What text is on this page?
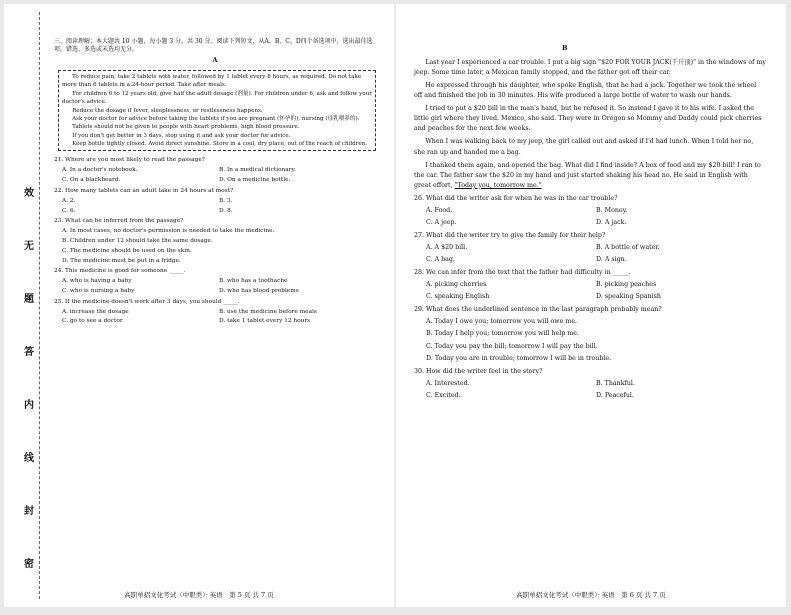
效
无
题
答
内
线
封
密
三、阅读理解：本大题共 10 小题，每小题 3 分，共 30 分。阅读下列短文，从A、B、C、D四个备选项中，选出最佳选项。错选、多选或未选均无分。
A

To reduce pain, take 2 tablets with water, followed by 1 tablet every 8 hours, as required. Do not take more than 6 tablets in a 24-hour period. Take after meals.

For children 6 to 12 years old, give half the adult dosage (剂量). For children under 6, ask and follow your doctor's advice.

Reduce the dosage if fever, sleeplessness, or restlessness happens.

Ask your doctor for advice before taking the tablets if you are pregnant (怀孕的), nursing (母乳喂养的).

Tablets should not be given to people with heart problems, high blood pressure.

If you don't get better in 3 days, stop using it and ask your doctor for advice.

Keep bottle tightly closed. Avoid direct sunshine. Store in a cool, dry place, out of the reach of children.

21. Where are you most likely to read the passage?
A. In a doctor's notebook.	B. In a medical dictionary.
C. On a blackboard.	D. On a medicine bottle.
22. How many tablets can an adult take in 24 hours at most?
A. 2.	B. 3.
C. 6.	D. 8.
23. What can be inferred from the passage?
A. In most cases, no doctor's permission is needed to take the medicine.
B. Children under 12 should take the same dosage.
C. The medicine should be used on the skin.
D. The medicine must be put in a fridge.
24. This medicine is good for someone _____.
A. who is having a baby	B. who has a toothache
C. who is nursing a baby	D. who has blood problems
25. If the medicine doesn't work after 3 days, you should _____.
A. increase the dosage	B. use the medicine before meals
C. go to see a doctor	D. take 1 tablet every 12 hours
高职单招文化考试（中职类）· 英语　第 5 页 共 7 页
B

Last year I experienced a car trouble. I put a big sign "$20 FOR YOUR JACK(千斤顶)" in the windows of my jeep. Some time later, a Mexican family stopped, and the father got off their car.

He expressed through his daughter, who spoke English, that he had a jack. Together we took the wheel off and finished the job in 30 minutes. His wife produced a large bottle of water to wash our hands.

I tried to put a $20 bill in the man's hand, but he refused it. So instead I gave it to his wife. I asked the little girl where they lived. Mexico, she said. They were in Oregon so Mommy and Daddy could pick cherries and peaches for the next few weeks.

When I was walking back to my jeep, the girl called out and asked if I'd had lunch. When I told her no, she ran up and handed me a bag.

I thanked them again, and opened the bag. What did I find inside? A box of food and my $20 bill! I ran to the car. The father saw the $20 in my hand and just started shaking his head no. He said in English with great effort, "Today you, tomorrow me."

26. What did the writer ask for when he was in the car trouble?
A. Food.	B. Money.
C. A jeep.	D. A jack.
27. What did the writer try to give the family for their help?
A. A $20 bill.	B. A bottle of water.
C. A bag.	D. A sign.
28. We can infer from the text that the father had difficulty in _____.
A. picking cherries	B. picking peaches
C. speaking English	D. speaking Spanish
29. What does the underlined sentence in the last paragraph probably mean?
A. Today I owe you; tomorrow you will owe me.
B. Today I help you; tomorrow you will help me.
C. Today you pay the bill; tomorrow I will pay the bill.
D. Today you are in trouble; tomorrow I will be in trouble.
30. How did the writer feel in the story?
A. Interested.	B. Thankful.
C. Excited.	D. Peaceful.
高职单招文化考试（中职类）· 英语　第 6 页 共 7 页
